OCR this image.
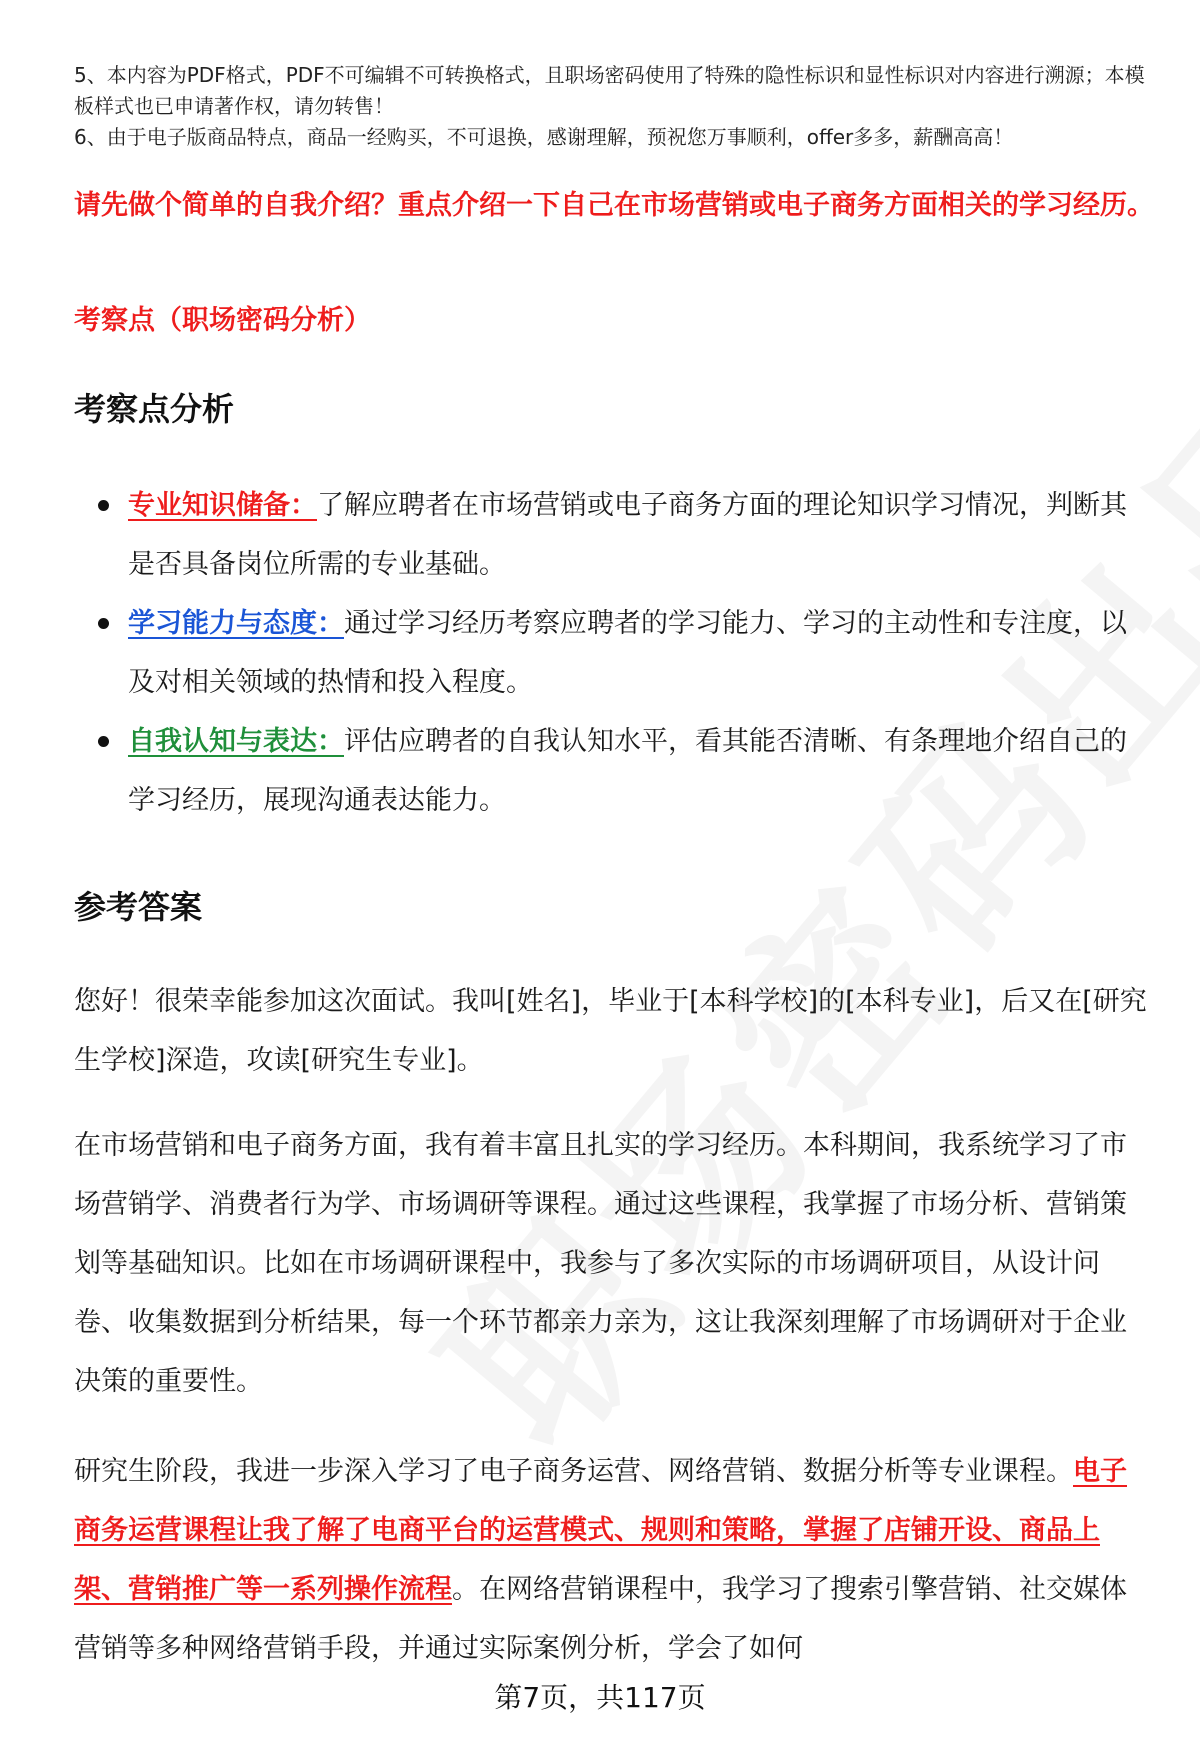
5、本内容为PDF格式，PDF不可编辑不可转换格式，且职场密码使用了特殊的隐性标识和显性标识对内容进行溯源；本模板样式也已申请著作权，请勿转售！
6、由于电子版商品特点，商品一经购买，不可退换，感谢理解，预祝您万事顺利，offer多多，薪酬高高！
请先做个简单的自我介绍？重点介绍一下自己在市场营销或电子商务方面相关的学习经历。
考察点（职场密码分析）
考察点分析
专业知识储备：了解应聘者在市场营销或电子商务方面的理论知识学习情况，判断其是否具备岗位所需的专业基础。
学习能力与态度：通过学习经历考察应聘者的学习能力、学习的主动性和专注度，以及对相关领域的热情和投入程度。
自我认知与表达：评估应聘者的自我认知水平，看其能否清晰、有条理地介绍自己的学习经历，展现沟通表达能力。
参考答案

您好！很荣幸能参加这次面试。我叫[姓名]，毕业于[本科学校]的[本科专业]，后又在[研究生学校]深造，攻读[研究生专业]。

在市场营销和电子商务方面，我有着丰富且扎实的学习经历。本科期间，我系统学习了市场营销学、消费者行为学、市场调研等课程。通过这些课程，我掌握了市场分析、营销策划等基础知识。比如在市场调研课程中，我参与了多次实际的市场调研项目，从设计问卷、收集数据到分析结果，每一个环节都亲力亲为，这让我深刻理解了市场调研对于企业决策的重要性。

研究生阶段，我进一步深入学习了电子商务运营、网络营销、数据分析等专业课程。电子商务运营课程让我了解了电商平台的运营模式、规则和策略，掌握了店铺开设、商品上架、营销推广等一系列操作流程。在网络营销课程中，我学习了搜索引擎营销、社交媒体营销等多种网络营销手段，并通过实际案例分析，学会了如何

第7页，共117页
